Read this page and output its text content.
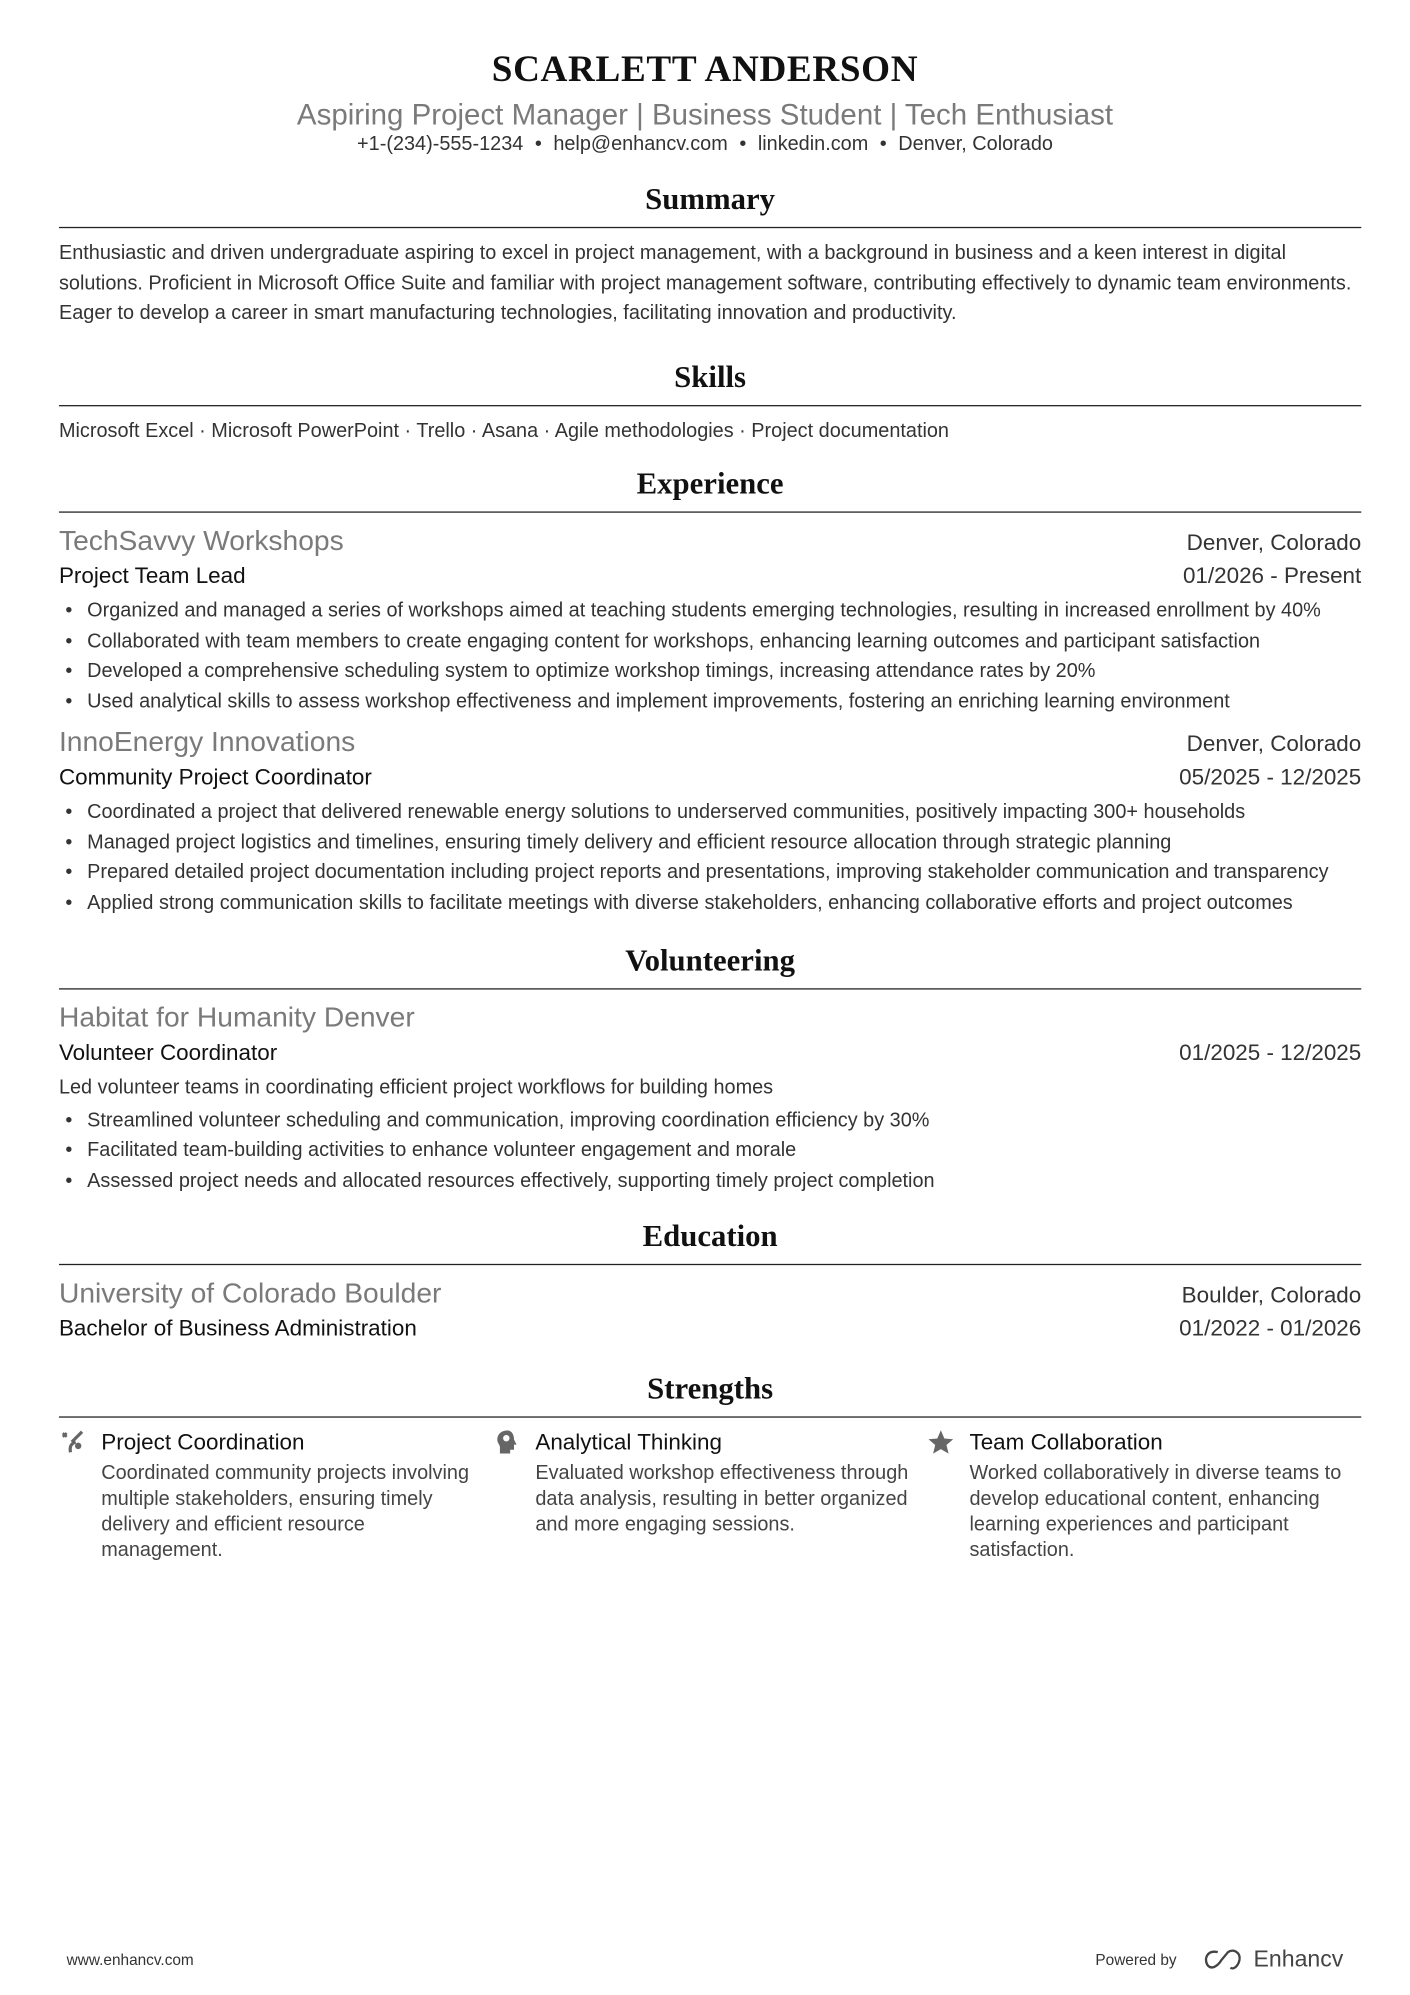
SCARLETT ANDERSON
Aspiring Project Manager | Business Student | Tech Enthusiast
+1-(234)-555-1234 • help@enhancv.com • linkedin.com • Denver, Colorado
Summary

Enthusiastic and driven undergraduate aspiring to excel in project management, with a background in business and a keen interest in digital solutions. Proficient in Microsoft Office Suite and familiar with project management software, contributing effectively to dynamic team environments. Eager to develop a career in smart manufacturing technologies, facilitating innovation and productivity.

Skills

Microsoft Excel · Microsoft PowerPoint · Trello · Asana · Agile methodologies · Project documentation

Experience
TechSavvy Workshops	Denver, Colorado
Project Team Lead	01/2026 - Present
• Organized and managed a series of workshops aimed at teaching students emerging technologies, resulting in increased enrollment by 40%
• Collaborated with team members to create engaging content for workshops, enhancing learning outcomes and participant satisfaction
• Developed a comprehensive scheduling system to optimize workshop timings, increasing attendance rates by 20%
• Used analytical skills to assess workshop effectiveness and implement improvements, fostering an enriching learning environment
InnoEnergy Innovations	Denver, Colorado
Community Project Coordinator	05/2025 - 12/2025
• Coordinated a project that delivered renewable energy solutions to underserved communities, positively impacting 300+ households
• Managed project logistics and timelines, ensuring timely delivery and efficient resource allocation through strategic planning
• Prepared detailed project documentation including project reports and presentations, improving stakeholder communication and transparency
• Applied strong communication skills to facilitate meetings with diverse stakeholders, enhancing collaborative efforts and project outcomes
Volunteering
Habitat for Humanity Denver
Volunteer Coordinator	01/2025 - 12/2025

Led volunteer teams in coordinating efficient project workflows for building homes

• Streamlined volunteer scheduling and communication, improving coordination efficiency by 30%
• Facilitated team-building activities to enhance volunteer engagement and morale
• Assessed project needs and allocated resources effectively, supporting timely project completion
Education
University of Colorado Boulder	Boulder, Colorado
Bachelor of Business Administration	01/2022 - 01/2026
Strengths
Project Coordination
Coordinated community projects involving multiple stakeholders, ensuring timely delivery and efficient resource management.
Analytical Thinking
Evaluated workshop effectiveness through data analysis, resulting in better organized and more engaging sessions.
Team Collaboration
Worked collaboratively in diverse teams to develop educational content, enhancing learning experiences and participant satisfaction.
www.enhancv.com	Powered by	Enhancv
